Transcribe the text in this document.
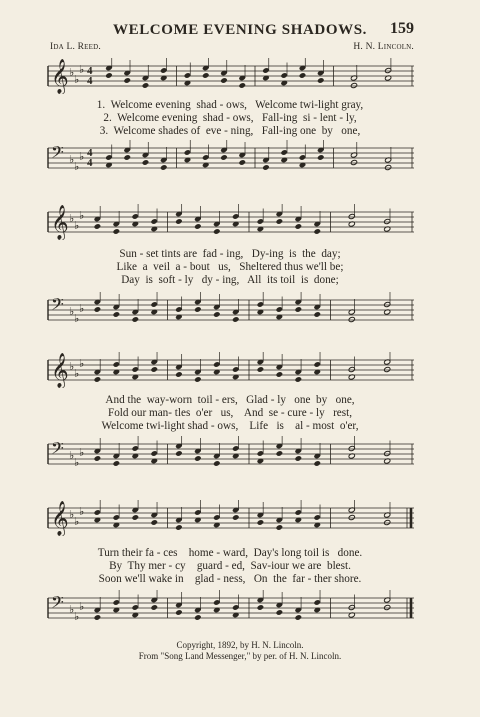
WELCOME EVENING SHADOWS.	159
Ida L. Reed.	H. N. Lincoln.
𝄞 ♭
♭
♭ 4
4
1.  Welcome evening  shad - ows,   Welcome twi-light gray,
2.  Welcome evening  shad - ows,   Fall-ing  si - lent - ly,
3.  Welcome shades of  eve - ning,   Fall-ing one  by   one,
𝄢 ♭
♭
♭ 4
4
𝄞 ♭
♭
♭
Sun - set tints are  fad - ing,   Dy-ing  is  the  day;
Like  a  veil  a - bout   us,   Sheltered thus we'll be;
Day  is  soft - ly   dy - ing,   All  its toil  is  done;
𝄢 ♭
♭
♭
𝄞 ♭
♭
♭
And the  way-worn  toil - ers,   Glad - ly   one  by   one,
Fold our man- tles  o'er   us,    And  se - cure - ly   rest,
Welcome twi-light shad - ows,    Life   is    al - most  o'er,
𝄢 ♭
♭
♭
𝄞 ♭
♭
♭
Turn their fa - ces    home - ward,  Day's long toil is   done.
By  Thy mer - cy    guard - ed,  Sav-iour we are  blest.
Soon we'll wake in    glad - ness,   On  the  far - ther shore.
𝄢 ♭
♭
♭
Copyright, 1892, by H. N. Lincoln.
From "Song Land Messenger," by per. of H. N. Lincoln.
